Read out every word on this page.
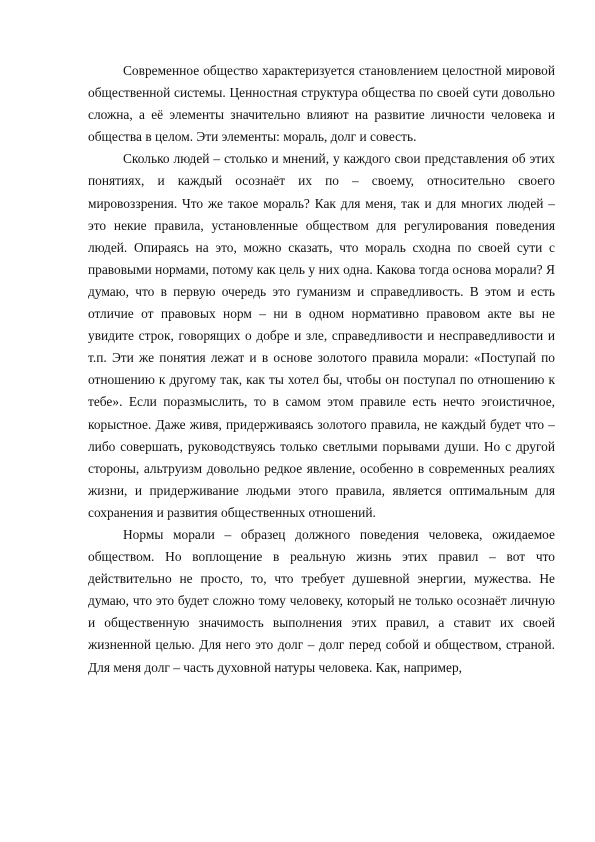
Современное общество характеризуется становлением целостной мировой общественной системы. Ценностная структура общества по своей сути довольно сложна, а её элементы значительно влияют на развитие личности человека и общества в целом. Эти элементы: мораль, долг и совесть.

Сколько людей – столько и мнений, у каждого свои представления об этих понятиях, и каждый осознаёт их по – своему, относительно своего мировоззрения. Что же такое мораль? Как для меня, так и для многих людей – это некие правила, установленные обществом для регулирования поведения людей. Опираясь на это, можно сказать, что мораль сходна по своей сути с правовыми нормами, потому как цель у них одна. Какова тогда основа морали? Я думаю, что в первую очередь это гуманизм и справедливость. В этом и есть отличие от правовых норм – ни в одном нормативно правовом акте вы не увидите строк, говорящих о добре и зле, справедливости и несправедливости и т.п. Эти же понятия лежат и в основе золотого правила морали: «Поступай по отношению к другому так, как ты хотел бы, чтобы он поступал по отношению к тебе». Если поразмыслить, то в самом этом правиле есть нечто эгоистичное, корыстное. Даже живя, придерживаясь золотого правила, не каждый будет что – либо совершать, руководствуясь только светлыми порывами души. Но с другой стороны, альтруизм довольно редкое явление, особенно в современных реалиях жизни, и придерживание людьми этого правила, является оптимальным для сохранения и развития общественных отношений.

Нормы морали – образец должного поведения человека, ожидаемое обществом. Но воплощение в реальную жизнь этих правил – вот что действительно не просто, то, что требует душевной энергии, мужества. Не думаю, что это будет сложно тому человеку, который не только осознаёт личную и общественную значимость выполнения этих правил, а ставит их своей жизненной целью. Для него это долг – долг перед собой и обществом, страной. Для меня долг – часть духовной натуры человека. Как, например,
